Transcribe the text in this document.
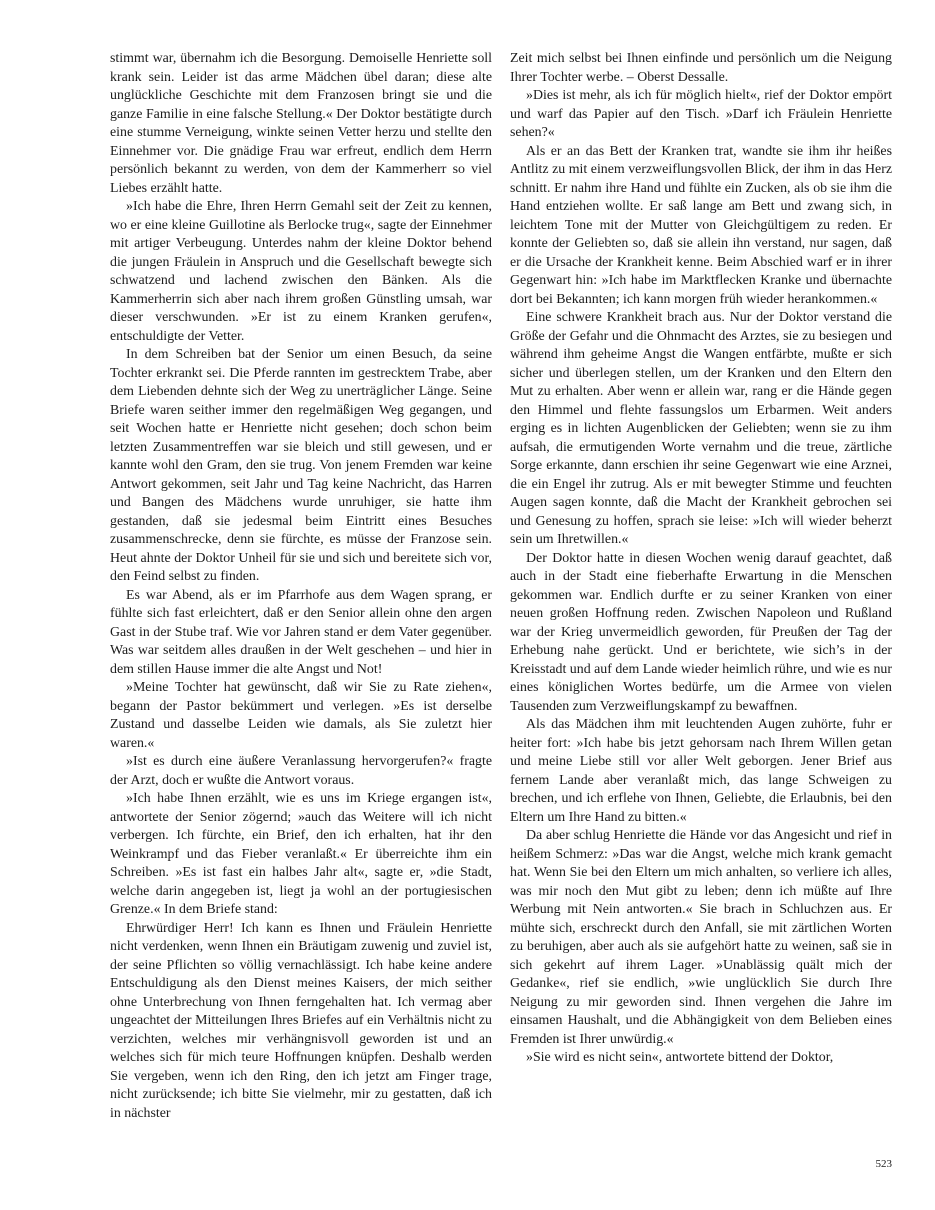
stimmt war, übernahm ich die Besorgung. Demoiselle Henriette soll krank sein. Leider ist das arme Mädchen übel daran; diese alte unglückliche Geschichte mit dem Franzosen bringt sie und die ganze Familie in eine falsche Stellung.« Der Doktor bestätigte durch eine stumme Verneigung, winkte seinen Vetter herzu und stellte den Einnehmer vor. Die gnädige Frau war erfreut, endlich dem Herrn persönlich bekannt zu werden, von dem der Kammerherr so viel Liebes erzählt hatte.

»Ich habe die Ehre, Ihren Herrn Gemahl seit der Zeit zu kennen, wo er eine kleine Guillotine als Berlocke trug«, sagte der Einnehmer mit artiger Verbeugung. Unterdes nahm der kleine Doktor behend die jungen Fräulein in Anspruch und die Gesellschaft bewegte sich schwatzend und lachend zwischen den Bänken. Als die Kammerherrin sich aber nach ihrem großen Günstling umsah, war dieser verschwunden. »Er ist zu einem Kranken gerufen«, entschuldigte der Vetter.

In dem Schreiben bat der Senior um einen Besuch, da seine Tochter erkrankt sei. Die Pferde rannten im gestrecktem Trabe, aber dem Liebenden dehnte sich der Weg zu unerträglicher Länge. Seine Briefe waren seither immer den regelmäßigen Weg gegangen, und seit Wochen hatte er Henriette nicht gesehen; doch schon beim letzten Zusammentreffen war sie bleich und still gewesen, und er kannte wohl den Gram, den sie trug. Von jenem Fremden war keine Antwort gekommen, seit Jahr und Tag keine Nachricht, das Harren und Bangen des Mädchens wurde unruhiger, sie hatte ihm gestanden, daß sie jedesmal beim Eintritt eines Besuches zusammenschrecke, denn sie fürchte, es müsse der Franzose sein. Heut ahnte der Doktor Unheil für sie und sich und bereitete sich vor, den Feind selbst zu finden.

Es war Abend, als er im Pfarrhofe aus dem Wagen sprang, er fühlte sich fast erleichtert, daß er den Senior allein ohne den argen Gast in der Stube traf. Wie vor Jahren stand er dem Vater gegenüber. Was war seitdem alles draußen in der Welt geschehen – und hier in dem stillen Hause immer die alte Angst und Not!

»Meine Tochter hat gewünscht, daß wir Sie zu Rate ziehen«, begann der Pastor bekümmert und verlegen. »Es ist derselbe Zustand und dasselbe Leiden wie damals, als Sie zuletzt hier waren.«

»Ist es durch eine äußere Veranlassung hervorgerufen?« fragte der Arzt, doch er wußte die Antwort voraus.

»Ich habe Ihnen erzählt, wie es uns im Kriege ergangen ist«, antwortete der Senior zögernd; »auch das Weitere will ich nicht verbergen. Ich fürchte, ein Brief, den ich erhalten, hat ihr den Weinkrampf und das Fieber veranlaßt.« Er überreichte ihm ein Schreiben. »Es ist fast ein halbes Jahr alt«, sagte er, »die Stadt, welche darin angegeben ist, liegt ja wohl an der portugiesischen Grenze.« In dem Briefe stand:

Ehrwürdiger Herr! Ich kann es Ihnen und Fräulein Henriette nicht verdenken, wenn Ihnen ein Bräutigam zuwenig und zuviel ist, der seine Pflichten so völlig vernachlässigt. Ich habe keine andere Entschuldigung als den Dienst meines Kaisers, der mich seither ohne Unterbrechung von Ihnen ferngehalten hat. Ich vermag aber ungeachtet der Mitteilungen Ihres Briefes auf ein Verhältnis nicht zu verzichten, welches mir verhängnisvoll geworden ist und an welches sich für mich teure Hoffnungen knüpfen. Deshalb werden Sie vergeben, wenn ich den Ring, den ich jetzt am Finger trage, nicht zurücksende; ich bitte Sie vielmehr, mir zu gestatten, daß ich in nächster

Zeit mich selbst bei Ihnen einfinde und persönlich um die Neigung Ihrer Tochter werbe. – Oberst Dessalle.

»Dies ist mehr, als ich für möglich hielt«, rief der Doktor empört und warf das Papier auf den Tisch. »Darf ich Fräulein Henriette sehen?«

Als er an das Bett der Kranken trat, wandte sie ihm ihr heißes Antlitz zu mit einem verzweiflungsvollen Blick, der ihm in das Herz schnitt. Er nahm ihre Hand und fühlte ein Zucken, als ob sie ihm die Hand entziehen wollte. Er saß lange am Bett und zwang sich, in leichtem Tone mit der Mutter von Gleichgültigem zu reden. Er konnte der Geliebten so, daß sie allein ihn verstand, nur sagen, daß er die Ursache der Krankheit kenne. Beim Abschied warf er in ihrer Gegenwart hin: »Ich habe im Marktflecken Kranke und übernachte dort bei Bekannten; ich kann morgen früh wieder herankommen.«

Eine schwere Krankheit brach aus. Nur der Doktor verstand die Größe der Gefahr und die Ohnmacht des Arztes, sie zu besiegen und während ihm geheime Angst die Wangen entfärbte, mußte er sich sicher und überlegen stellen, um der Kranken und den Eltern den Mut zu erhalten. Aber wenn er allein war, rang er die Hände gegen den Himmel und flehte fassungslos um Erbarmen. Weit anders erging es in lichten Augenblicken der Geliebten; wenn sie zu ihm aufsah, die ermutigenden Worte vernahm und die treue, zärtliche Sorge erkannte, dann erschien ihr seine Gegenwart wie eine Arznei, die ein Engel ihr zutrug. Als er mit bewegter Stimme und feuchten Augen sagen konnte, daß die Macht der Krankheit gebrochen sei und Genesung zu hoffen, sprach sie leise: »Ich will wieder beherzt sein um Ihretwillen.«

Der Doktor hatte in diesen Wochen wenig darauf geachtet, daß auch in der Stadt eine fieberhafte Erwartung in die Menschen gekommen war. Endlich durfte er zu seiner Kranken von einer neuen großen Hoffnung reden. Zwischen Napoleon und Rußland war der Krieg unvermeidlich geworden, für Preußen der Tag der Erhebung nahe gerückt. Und er berichtete, wie sich’s in der Kreisstadt und auf dem Lande wieder heimlich rühre, und wie es nur eines königlichen Wortes bedürfe, um die Armee von vielen Tausenden zum Verzweiflungskampf zu bewaffnen.

Als das Mädchen ihm mit leuchtenden Augen zuhörte, fuhr er heiter fort: »Ich habe bis jetzt gehorsam nach Ihrem Willen getan und meine Liebe still vor aller Welt geborgen. Jener Brief aus fernem Lande aber veranlaßt mich, das lange Schweigen zu brechen, und ich erflehe von Ihnen, Geliebte, die Erlaubnis, bei den Eltern um Ihre Hand zu bitten.«

Da aber schlug Henriette die Hände vor das Angesicht und rief in heißem Schmerz: »Das war die Angst, welche mich krank gemacht hat. Wenn Sie bei den Eltern um mich anhalten, so verliere ich alles, was mir noch den Mut gibt zu leben; denn ich müßte auf Ihre Werbung mit Nein antworten.« Sie brach in Schluchzen aus. Er mühte sich, erschreckt durch den Anfall, sie mit zärtlichen Worten zu beruhigen, aber auch als sie aufgehört hatte zu weinen, saß sie in sich gekehrt auf ihrem Lager. »Unablässig quält mich der Gedanke«, rief sie endlich, »wie unglücklich Sie durch Ihre Neigung zu mir geworden sind. Ihnen vergehen die Jahre im einsamen Haushalt, und die Abhängigkeit von dem Belieben eines Fremden ist Ihrer unwürdig.«

»Sie wird es nicht sein«, antwortete bittend der Doktor,

523
